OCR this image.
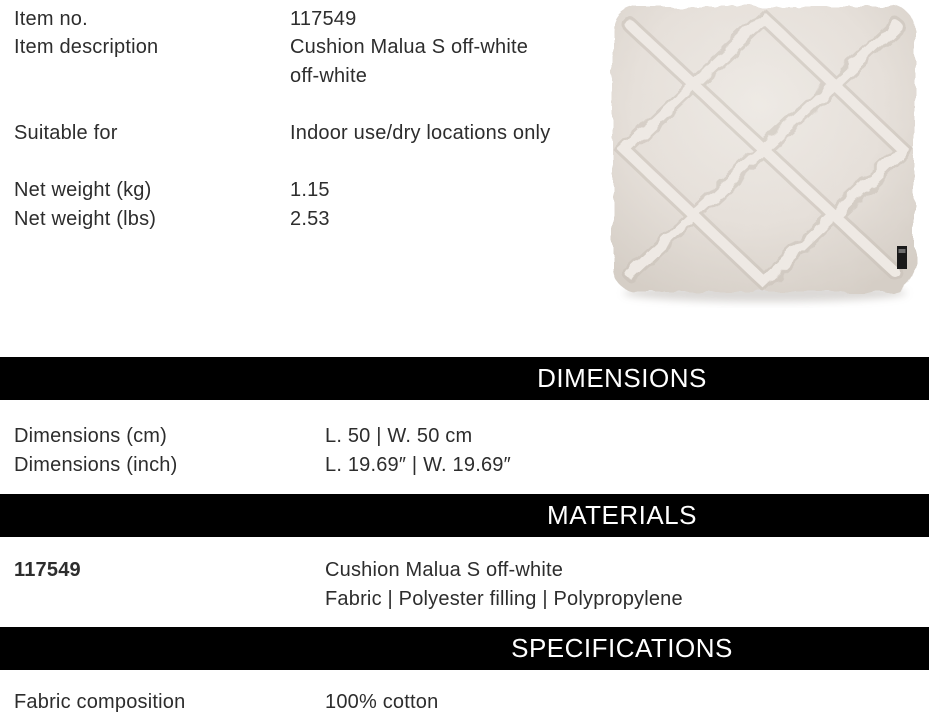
Item no.	117549
Item description	Cushion Malua S off-white
off-white
Suitable for	Indoor use/dry locations only
Net weight (kg)	1.15
Net weight (lbs)	2.53
DIMENSIONS
Dimensions (cm)	L. 50 | W. 50 cm
Dimensions (inch)	L. 19.69″ | W. 19.69″
MATERIALS
117549	Cushion Malua S off-white
Fabric | Polyester filling | Polypropylene
SPECIFICATIONS
Fabric composition	100% cotton
